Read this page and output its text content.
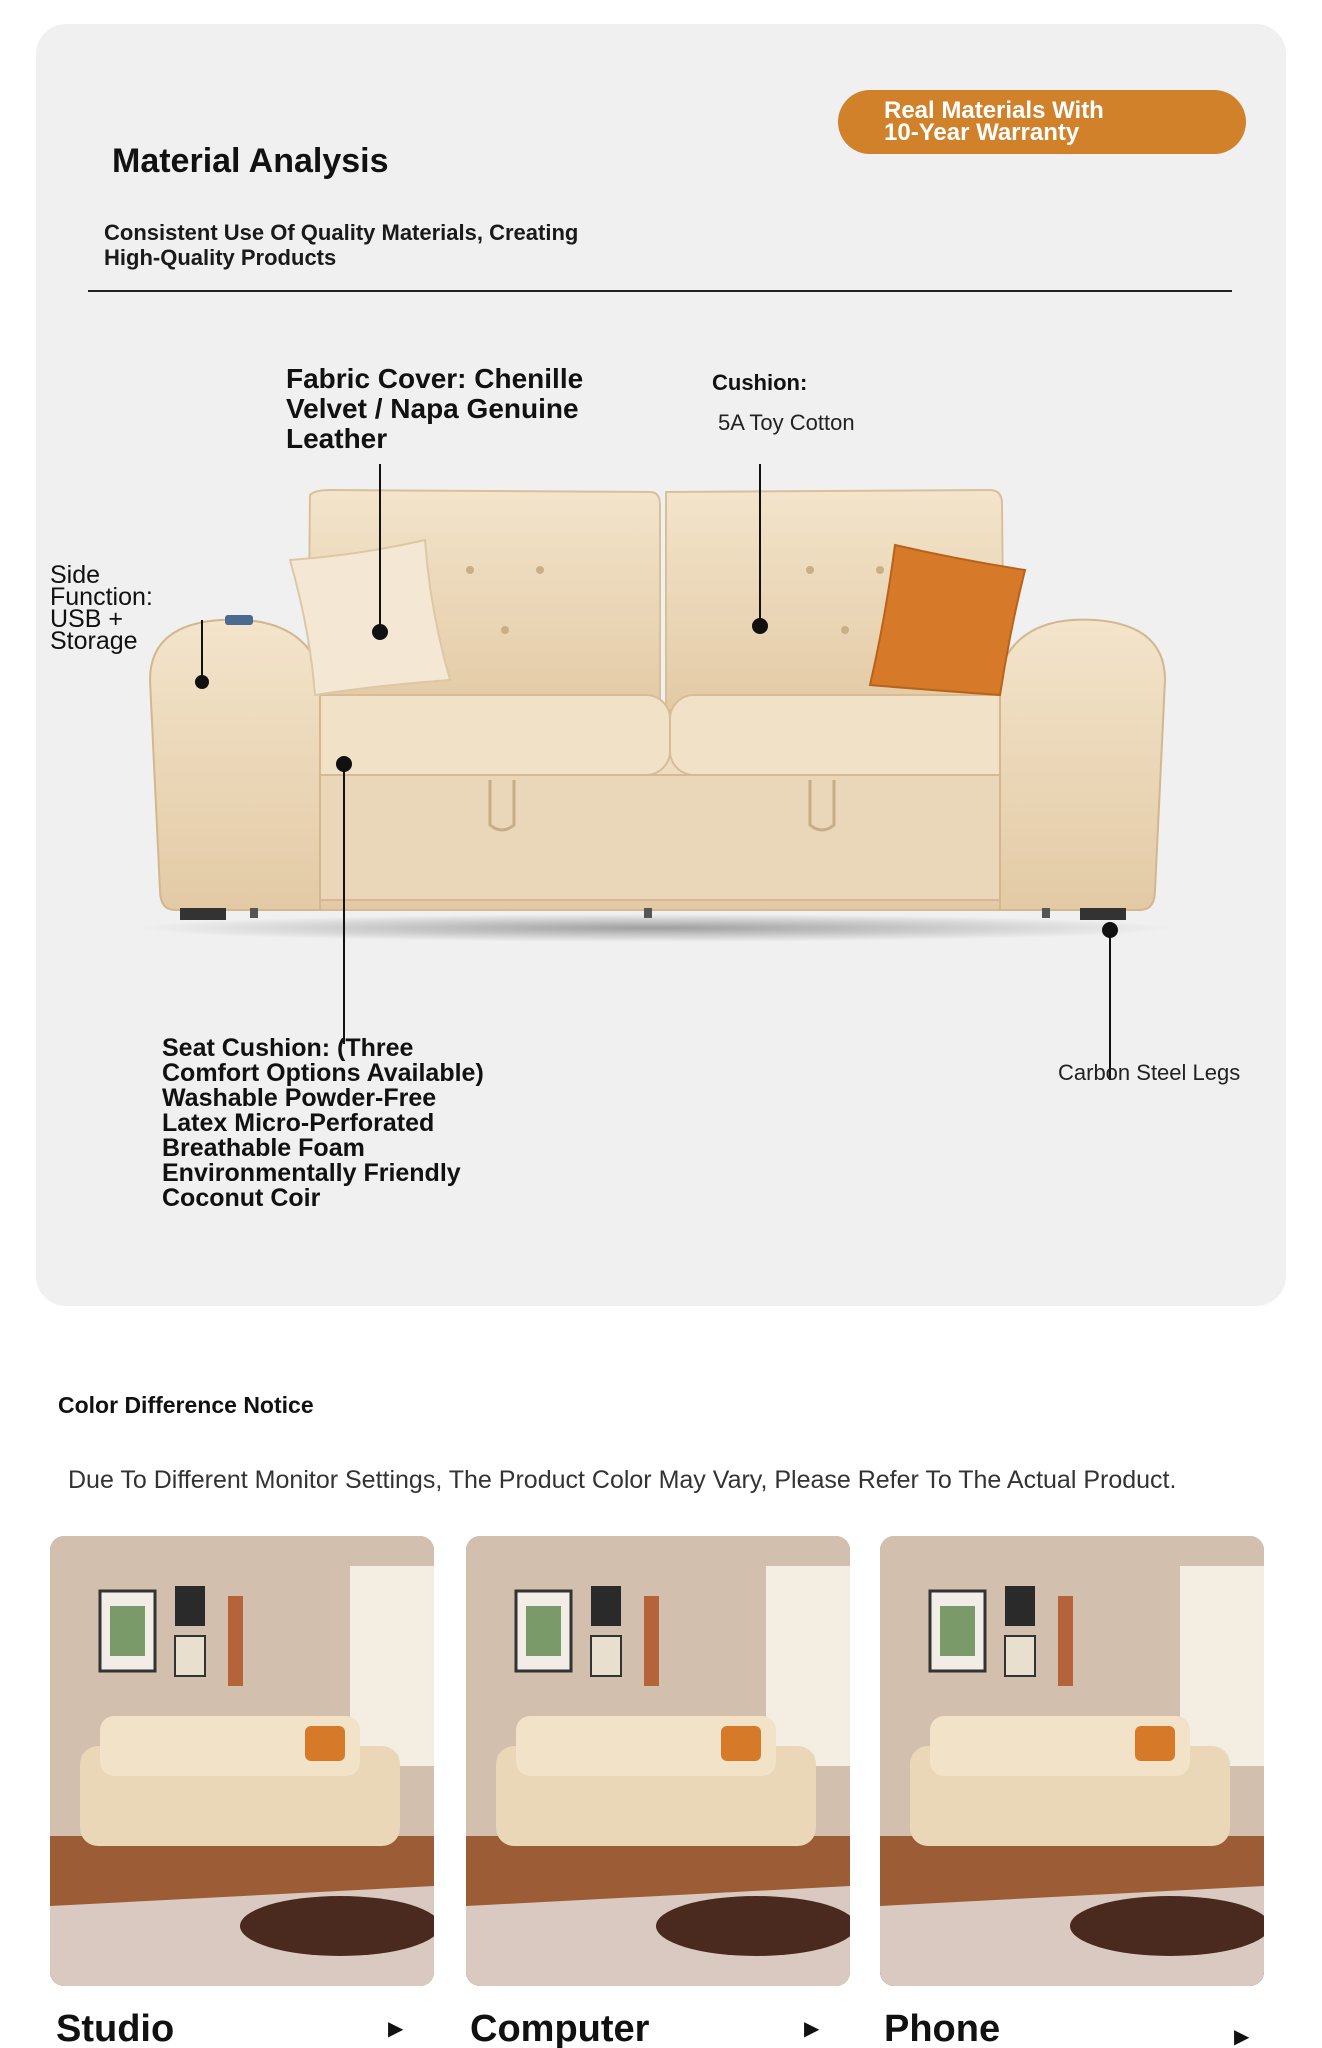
Real Materials With
10-Year Warranty
Material Analysis
Consistent Use Of Quality Materials, Creating
High-Quality Products
Fabric Cover: Chenille Velvet / Napa Genuine Leather
Cushion:
5A Toy Cotton
Side Function: USB + Storage
Seat Cushion: (Three Comfort Options Available) Washable Powder-Free Latex Micro-Perforated Breathable Foam Environmentally Friendly Coconut Coir
Carbon Steel Legs
Color Difference Notice
Due To Different Monitor Settings, The Product Color May Vary, Please Refer To The Actual Product.
Studio	▶ Computer	▶ Phone	▶
